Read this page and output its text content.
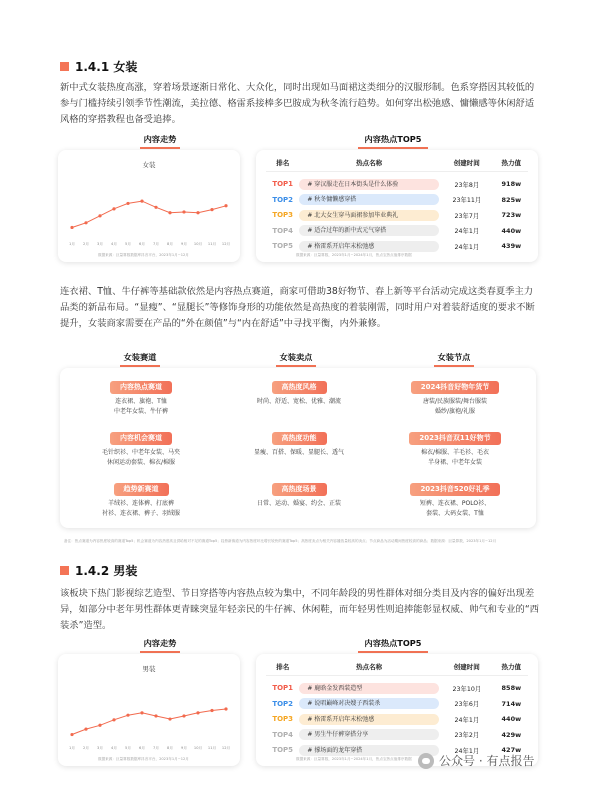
1.4.1 女装
新中式女装热度高涨，穿着场景逐渐日常化、大众化，同时出现如马面裙这类细分的汉服形制。色系穿搭因其较低的参与门槛持续引领季节性潮流，美拉德、格雷系接棒多巴胺成为秋冬流行趋势。如何穿出松弛感、慵懒感等休闲舒适风格的穿搭教程也备受追捧。
内容走势	内容热点TOP5
女装
1月 2月 3月 4月 5月 6月 7月 8月 9月 10月 11月 12月
数据来源：巨量算数数据库抖音平台，2023年1月~12月
排名	热点名称	创建时间	热力值
TOP1	# 穿汉服走在日本街头是什么体验	23年8月	918w
TOP2	# 秋冬慵懒感穿搭	23年11月	825w
TOP3	# 北大女生穿马面裙参加毕业典礼	23年7月	723w
TOP4	# 适合过年的新中式元气穿搭	24年1月	440w
TOP5	# 格雷系开启年末松弛感	24年1月	439w
数据来源：巨量算数，2023年1月~2024年1月，热点宝热点值排序数据
连衣裙、T恤、牛仔裤等基础款依然是内容热点赛道，商家可借助38好物节、春上新等平台活动完成这类春夏季主力品类的新品布局。“显瘦”、“显腿长”等修饰身形的功能依然是高热度的着装刚需，同时用户对着装舒适度的要求不断提升，女装商家需要在产品的“外在颜值”与“内在舒适”中寻找平衡，内外兼修。
女装赛道	女装卖点	女装节点
内容热点赛道
连衣裙、旗袍、T恤
中老年女装、牛仔裤
内容机会赛道
毛针织衫、中老年女装、马夹
休闲运动套装、棉衣/棉服
趋势新赛道
羊绒衫、连体裤、打底裤
衬衫、连衣裙、裤子、羽绒服
高热度风格
时尚、舒适、宽松、优雅、潮流
高热度功能
显瘦、百搭、保暖、显腿长、透气
高热度场景
日常、运动、婚宴、约会、正装
2024抖音好物年货节
唐装/民族服装/舞台服装
婚纱/旗袍/礼服
2023抖音双11好物节
棉衣/棉服、羊毛衫、毛衣
半身裙、中老年女装
2023抖音520好礼季
短裤、连衣裙、POLO衫、
套装、大码女装、T恤
备注：热点赛道为内容热度较高的赛道Top5；机会赛道为内容热度高且供给相对不足的赛道Top5；趋势新赛道为内容热度环比增长较快的赛道Top5；高热度卖点为相关内容播放量较高的卖点；节点商品为活动期间热度较高的商品；数据来源：巨量算数，2023年1月~12月
1.4.2 男装
该板块下热门影视综艺造型、节日穿搭等内容热点较为集中，不同年龄段的男性群体对细分类目及内容的偏好出现差异，如部分中老年男性群体更青睐突显年轻亲民的牛仔裤、休闲鞋，而年轻男性则追捧能彰显权威、帅气和专业的“西装杀”造型。
内容走势	内容热点TOP5
男装
1月 2月 3月 4月 5月 6月 7月 8月 9月 10月 11月 12月
数据来源：巨量算数数据库抖音平台，2023年1月~12月
排名	热点名称	创建时间	热力值
TOP1	# 鹿晗金发西装造型	23年10月	858w
TOP2	# 说唱巅峰对决嫂子西装杀	23年6月	714w
TOP3	# 格雷系开启年末松弛感	24年1月	440w
TOP4	# 男生牛仔裤穿搭分享	23年2月	429w
TOP5	# 撑场面的龙年穿搭	24年1月	427w
数据来源：巨量算数，2023年1月~2024年1月，热点宝热点值排序数据 公众号 · 有点报告
